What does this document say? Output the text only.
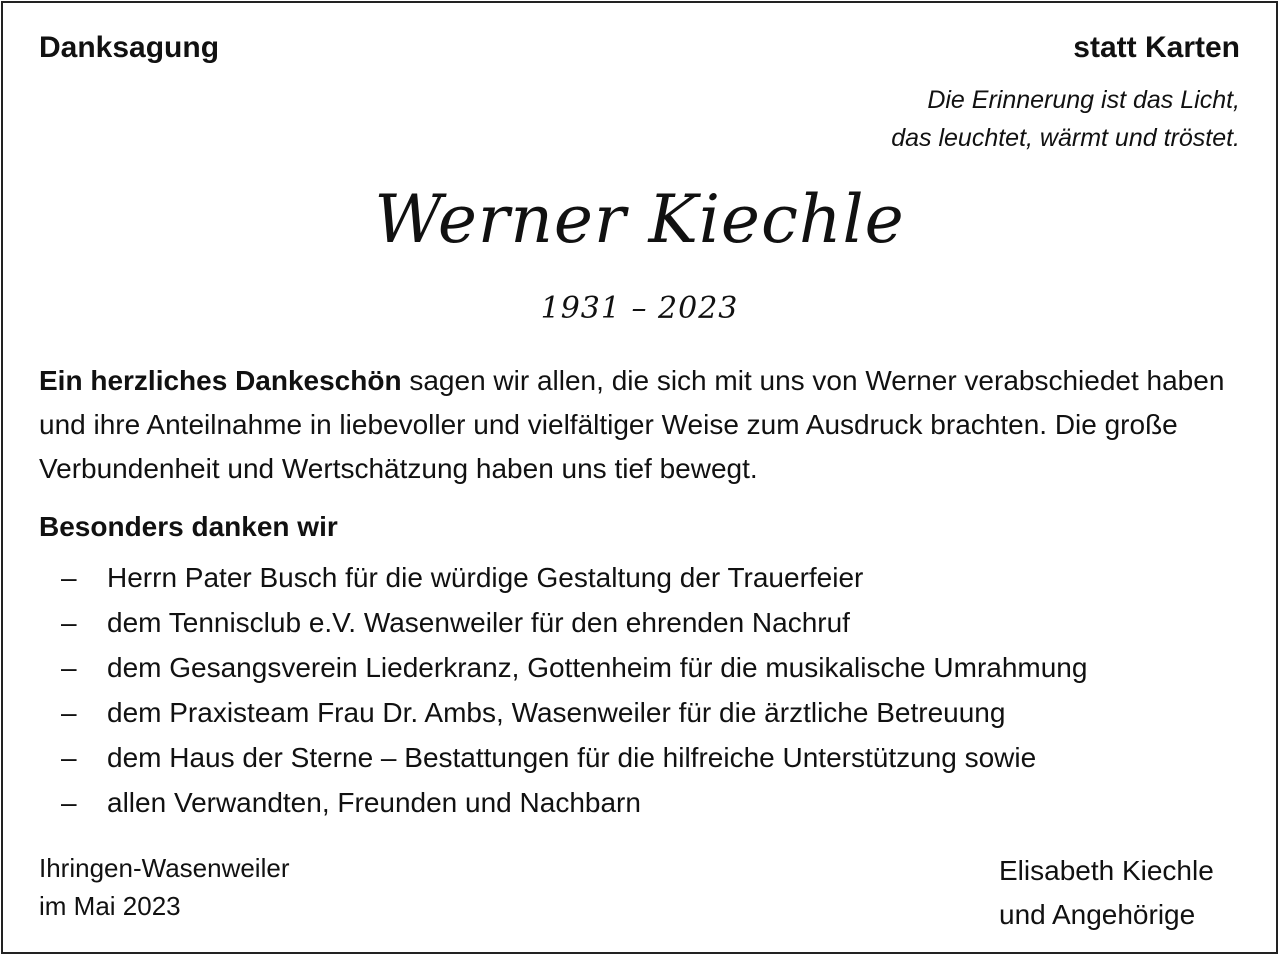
Danksagung	statt Karten
Die Erinnerung ist das Licht,
das leuchtet, wärmt und tröstet.
Werner Kiechle
1931 – 2023
Ein herzliches Dankeschön sagen wir allen, die sich mit uns von Werner verabschiedet haben und ihre Anteilnahme in liebevoller und vielfältiger Weise zum Ausdruck brachten. Die große Verbundenheit und Wertschätzung haben uns tief bewegt.
Besonders danken wir
– Herrn Pater Busch für die würdige Gestaltung der Trauerfeier
– dem Tennisclub e.V. Wasenweiler für den ehrenden Nachruf
– dem Gesangsverein Liederkranz, Gottenheim für die musikalische Umrahmung
– dem Praxisteam Frau Dr. Ambs, Wasenweiler für die ärztliche Betreuung
– dem Haus der Sterne – Bestattungen für die hilfreiche Unterstützung sowie
– allen Verwandten, Freunden und Nachbarn
Ihringen-Wasenweiler
im Mai 2023
Elisabeth Kiechle
und Angehörige
